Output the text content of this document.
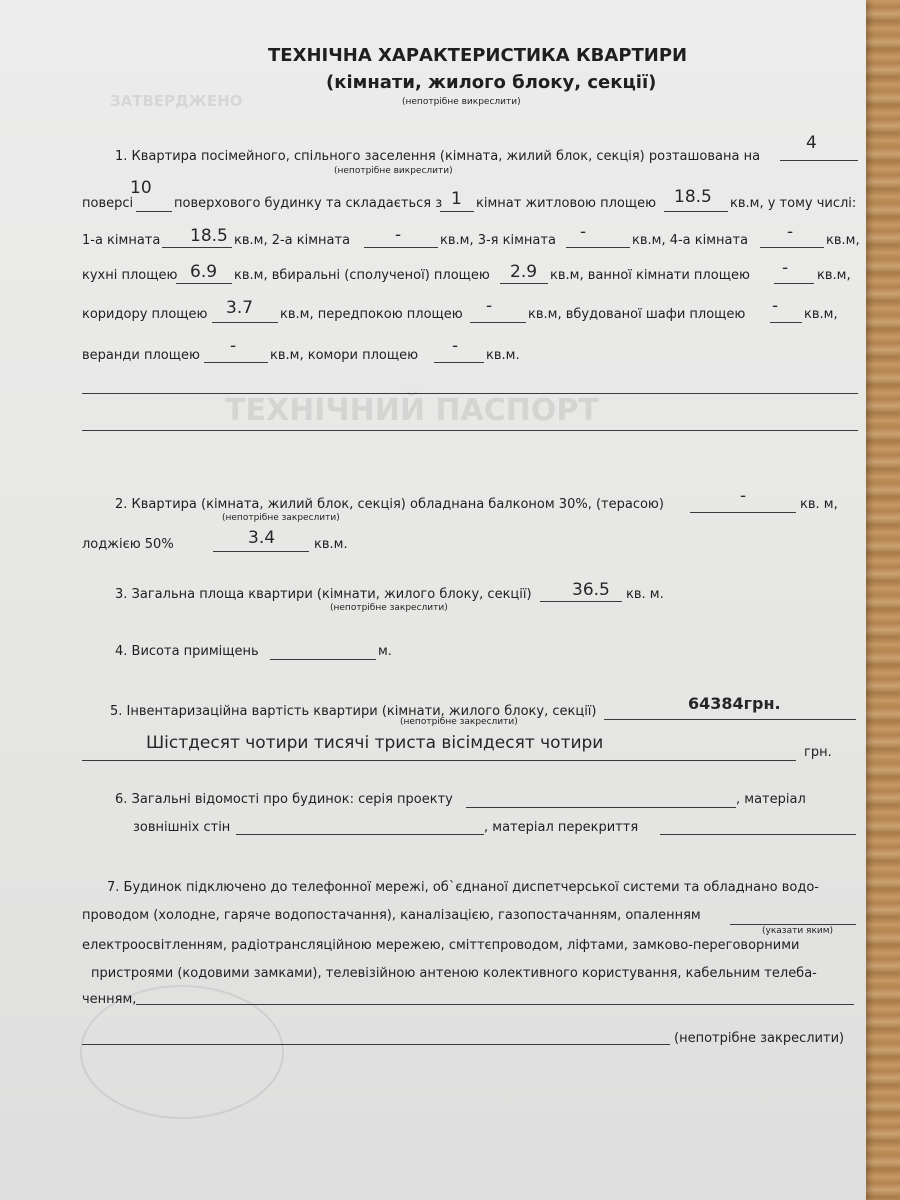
ТЕХНІЧНИЙ ПАСПОРТ
ЗАТВЕРДЖЕНО
ТЕХНІЧНА ХАРАКТЕРИСТИКА КВАРТИРИ
(кімнати, жилого блоку, секції)
(непотрібне викреслити)
1. Квартира посімейного, спільного заселення (кімната, жилий блок, секція) розташована на
4
(непотрібне викреслити)
10
поверсі	поверхового будинку та складається з 1 кімнат житловою площею 18.5 кв.м, у тому числі:
1-а кімната 18.5 кв.м, 2-а кімната	-	кв.м, 3-я кімната -	кв.м, 4-а кімната -	кв.м,
кухні площею 6.9 кв.м, вбиральні (сполученої) площею 2.9 кв.м, ванної кімнати площею - кв.м,
коридору площею 3.7 кв.м, передпокою площею -	кв.м, вбудованої шафи площею - кв.м,
веранди площею -	кв.м, комори площею - кв.м.
2. Квартира (кімната, жилий блок, секція) обладнана балконом 30%, (терасою)	-	кв. м,
(непотрібне закреслити)
лоджією 50%	3.4	кв.м.
3. Загальна площа квартири (кімнати, жилого блоку, секції) 36.5 кв. м.
(непотрібне закреслити)
4. Висота приміщень	м.
5. Інвентаризаційна вартість квартири (кімнати, жилого блоку, секції)	64384грн.
(непотрібне закреслити)
Шістдесят чотири тисячі триста вісімдесят чотири	грн.
6. Загальні відомості про будинок: серія проекту	, матеріал
зовнішніх стін	, матеріал перекриття
7. Будинок підключено до телефонної мережі, об`єднаної диспетчерської системи та обладнано водо-
проводом (холодне, гаряче водопостачання), каналізацією, газопостачанням, опаленням
(указати яким)
електроосвітленням, радіотрансляційною мережею, сміттєпроводом, ліфтами, замково-переговорними
пристроями (кодовими замками), телевізійною антеною колективного користування, кабельним телеба-
ченням,
(непотрібне закреслити)
